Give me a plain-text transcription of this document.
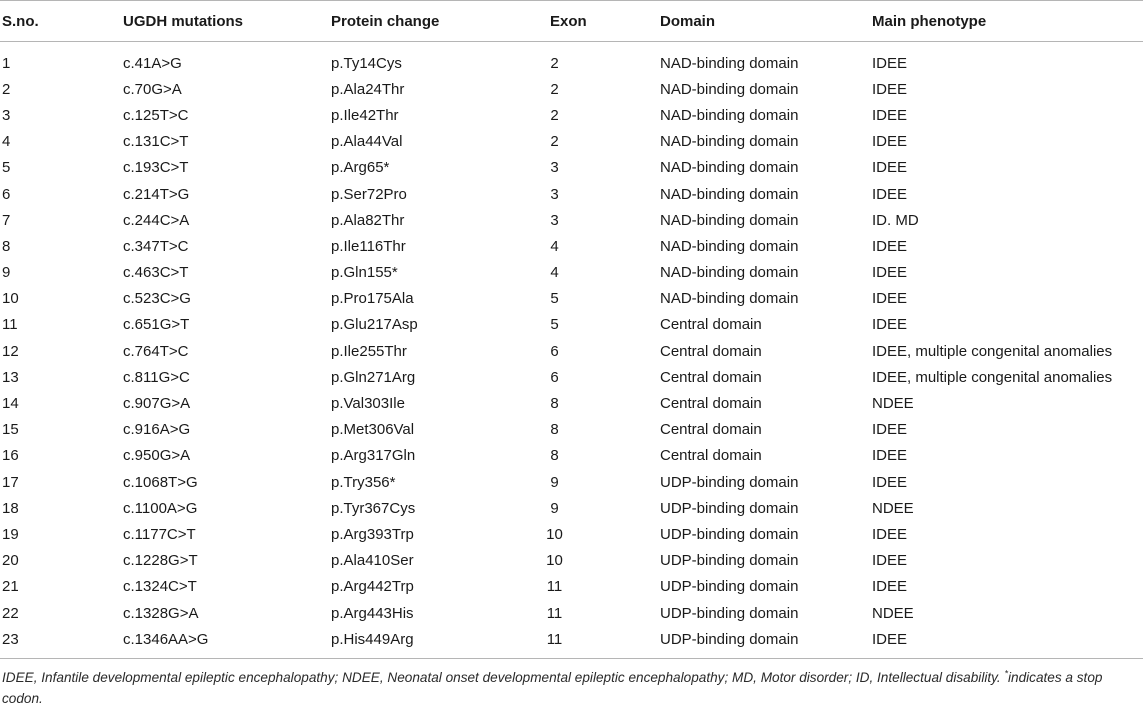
S.no.	UGDH mutations	Protein change	Exon	Domain	Main phenotype
1	c.41A>G	p.Ty14Cys	2	NAD-binding domain	IDEE
2	c.70G>A	p.Ala24Thr	2	NAD-binding domain	IDEE
3	c.125T>C	p.Ile42Thr	2	NAD-binding domain	IDEE
4	c.131C>T	p.Ala44Val	2	NAD-binding domain	IDEE
5	c.193C>T	p.Arg65*	3	NAD-binding domain	IDEE
6	c.214T>G	p.Ser72Pro	3	NAD-binding domain	IDEE
7	c.244C>A	p.Ala82Thr	3	NAD-binding domain	ID. MD
8	c.347T>C	p.Ile116Thr	4	NAD-binding domain	IDEE
9	c.463C>T	p.Gln155*	4	NAD-binding domain	IDEE
10	c.523C>G	p.Pro175Ala	5	NAD-binding domain	IDEE
11	c.651G>T	p.Glu217Asp	5	Central domain	IDEE
12	c.764T>C	p.Ile255Thr	6	Central domain	IDEE, multiple congenital anomalies
13	c.811G>C	p.Gln271Arg	6	Central domain	IDEE, multiple congenital anomalies
14	c.907G>A	p.Val303Ile	8	Central domain	NDEE
15	c.916A>G	p.Met306Val	8	Central domain	IDEE
16	c.950G>A	p.Arg317Gln	8	Central domain	IDEE
17	c.1068T>G	p.Try356*	9	UDP-binding domain	IDEE
18	c.1100A>G	p.Tyr367Cys	9	UDP-binding domain	NDEE
19	c.1177C>T	p.Arg393Trp	10	UDP-binding domain	IDEE
20	c.1228G>T	p.Ala410Ser	10	UDP-binding domain	IDEE
21	c.1324C>T	p.Arg442Trp	11	UDP-binding domain	IDEE
22	c.1328G>A	p.Arg443His	11	UDP-binding domain	NDEE
23	c.1346AA>G	p.His449Arg	11	UDP-binding domain	IDEE
IDEE, Infantile developmental epileptic encephalopathy; NDEE, Neonatal onset developmental epileptic encephalopathy; MD, Motor disorder; ID, Intellectual disability. *indicates a stop codon.
